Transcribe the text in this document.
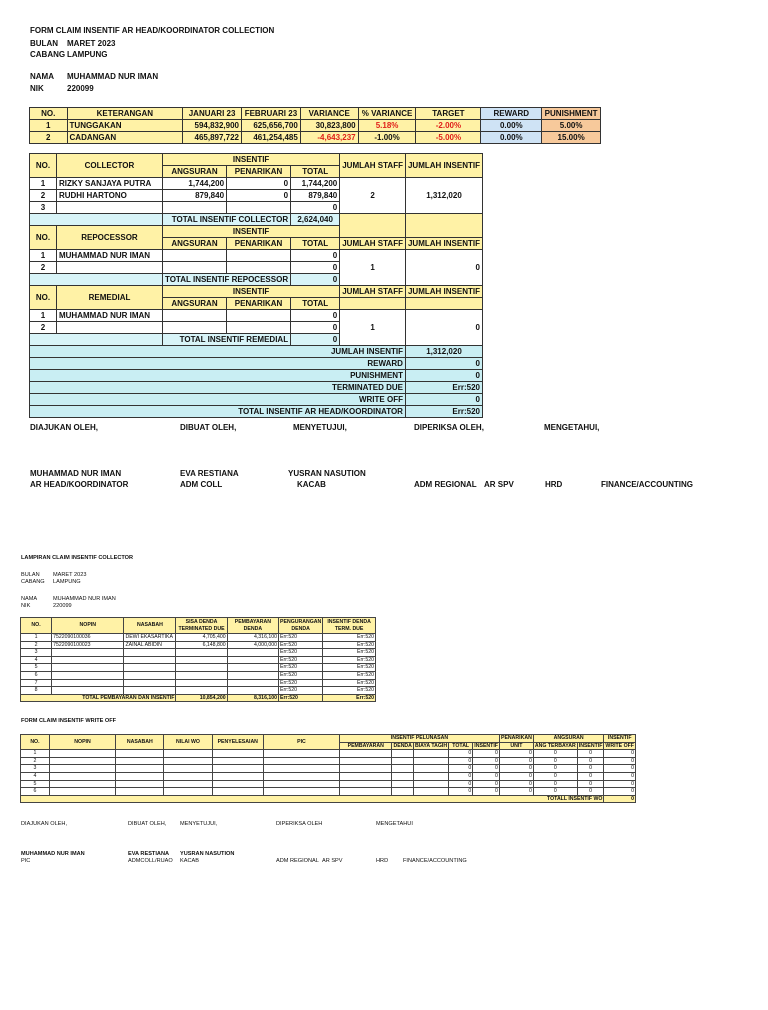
FORM CLAIM INSENTIF AR HEAD/KOORDINATOR COLLECTION
BULAN MARET 2023
CABANG LAMPUNG
NAMA MUHAMMAD NUR IMAN
NIK	220099
NO.	KETERANGAN	JANUARI 23	FEBRUARI 23	VARIANCE	% VARIANCE	TARGET	REWARD	PUNISHMENT
1	TUNGGAKAN	594,832,900	625,656,700	30,823,800	5.18%	-2.00%	0.00%	5.00%
2	CADANGAN	465,897,722	461,254,485	-4,643,237	-1.00%	-5.00%	0.00%	15.00%
NO.	COLLECTOR	INSENTIF			JUMLAH STAFF	JUMLAH INSENTIF
		ANGSURAN	PENARIKAN	TOTAL		
1	RIZKY SANJAYA PUTRA	1,744,200	0	1,744,200	2	1,312,020
2	RUDHI HARTONO	879,840	0	879,840		
3				0		
		TOTAL INSENTIF COLLECTOR		2,624,040		
NO.	REPOCESSOR	INSENTIF				
		ANGSURAN	PENARIKAN	TOTAL	JUMLAH STAFF	JUMLAH INSENTIF
1	MUHAMMAD NUR IMAN			0	1	0
2				0		
		TOTAL INSENTIF REPOCESSOR		0		
NO.	REMEDIAL	INSENTIF			JUMLAH STAFF	JUMLAH INSENTIF
		ANGSURAN	PENARIKAN	TOTAL		
1	MUHAMMAD NUR IMAN			0	1	0
2				0		
		TOTAL INSENTIF REMEDIAL		0		
JUMLAH INSENTIF						1,312,020
REWARD						0
PUNISHMENT						0
TERMINATED DUE						Err:520
WRITE OFF						0
TOTAL INSENTIF AR HEAD/KOORDINATOR						Err:520
DIAJUKAN OLEH,	DIBUAT OLEH,	MENYETUJUI,	DIPERIKSA OLEH,	MENGETAHUI,
MUHAMMAD NUR IMAN
AR HEAD/KOORDINATOR
EVA RESTIANA
ADM COLL
YUSRAN NASUTION
KACAB	ADM REGIONAL AR SPV	HRD	FINANCE/ACCOUNTING
LAMPIRAN CLAIM INSENTIF COLLECTOR
BULAN MARET 2023
CABANG LAMPUNG
NAMA	MUHAMMAD NUR IMAN
NIK	220099
NO.	NOPIN	NASABAH	SISA DENDA TERMINATED DUE	PEMBAYARAN DENDA	PENGURANGAN DENDA	INSENTIF DENDA TERM. DUE
1	7522090100036	DEWI EKASARTIKA	4,705,400	4,316,100	Err:520	Err:520
2	7522090100023	ZAINAL ABIDIN	6,148,800	4,000,000	Err:520	Err:520
3					Err:520	Err:520
4					Err:520	Err:520
5					Err:520	Err:520
6					Err:520	Err:520
7					Err:520	Err:520
8					Err:520	Err:520
TOTAL PEMBAYARAN DAN INSENTIF			10,854,200	8,316,100	Err:520	Err:520
FORM CLAIM INSENTIF WRITE OFF
NO.	NOPIN	NASABAH	NILAI WO	PENYELESAIAN	PIC	INSENTIF PELUNASAN					PENARIKAN	ANGSURAN		INSENTIF
						PEMBAYARAN	DENDA	BIAYA TAGIH	TOTAL	INSENTIF	UNIT	ANG TERBAYAR	INSENTIF	WRITE OFF
1									0	0	0	0	0	0
2									0	0	0	0	0	0
3									0	0	0	0	0	0
4									0	0	0	0	0	0
5									0	0	0	0	0	0
6									0	0	0	0	0	0
TOTALL INSENTIF WO														0
DIAJUKAN OLEH,	DIBUAT OLEH, MENYETUJUI,	DIPERIKSA OLEH	MENGETAHUI
MUHAMMAD NUR IMAN
PIC
EVA RESTIANA
ADMCOLL/RUAO
YUSRAN NASUTION
KACAB	ADM REGIONAL AR SPV	HRD	FINANCE/ACCOUNTING
